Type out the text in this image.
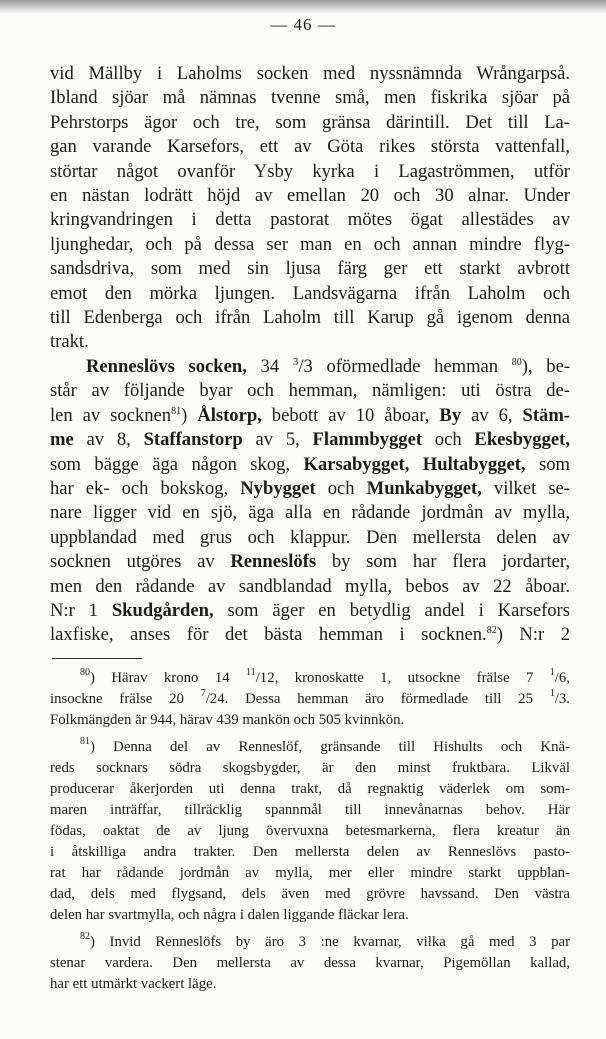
— 46 —

vid Mällby i Laholms socken med nyssnämnda Wrångarpså.
Ibland sjöar må nämnas tvenne små, men fiskrika sjöar på
Pehrstorps ägor och tre, som gränsa därintill. Det till La-
gan varande Karsefors, ett av Göta rikes största vattenfall,
störtar något ovanför Ysby kyrka i Lagaströmmen, utför
en nästan lodrätt höjd av emellan 20 och 30 alnar. Under
kringvandringen i detta pastorat mötes ögat allestädes av
ljunghedar, och på dessa ser man en och annan mindre flyg-
sandsdriva, som med sin ljusa färg ger ett starkt avbrott
emot den mörka ljungen. Landsvägarna ifrån Laholm och
till Edenberga och ifrån Laholm till Karup gå igenom denna
trakt.

Renneslövs socken, 34 $^3$/3 oförmedlade hemman $^{80}$), be-
står av följande byar och hemman, nämligen: uti östra de-
len av socknen$^{81}$) Ålstorp, bebott av 10 åboar, By av 6, Stäm-
me av 8, Staffanstorp av 5, Flammbygget och Ekesbygget,
som bägge äga någon skog, Karsabygget, Hultabygget, som
har ek- och bokskog, Nybygget och Munkabygget, vilket se-
nare ligger vid en sjö, äga alla en rådande jordmån av mylla,
uppblandad med grus och klappur. Den mellersta delen av
socknen utgöres av Renneslöfs by som har flera jordarter,
men den rådande av sandblandad mylla, bebos av 22 åboar.
N:r 1 Skudgården, som äger en betydlig andel i Karsefors
laxfiske, anses för det bästa hemman i socknen.$^{82}$) N:r 2

$^{80}$) Härav krono 14 $^{11}$/12, kronoskatte 1, utsockne frälse 7 $^1$/6,
insockne frälse 20 $^7$/24. Dessa hemman äro förmedlade till 25 $^1$/3.
Folkmängden är 944, härav 439 mankön och 505 kvinnkön.
$^{81}$) Denna del av Renneslöf, gränsande till Hishults och Knä-
reds socknars södra skogsbygder, är den minst fruktbara. Likväl
producerar åkerjorden uti denna trakt, då regnaktig väderlek om som-
maren inträffar, tillräcklig spannmål till innevånarnas behov. Här
födas, oaktat de av ljung övervuxna betesmarkerna, flera kreatur än
i åtskilliga andra trakter. Den mellersta delen av Renneslövs pasto-
rat har rådande jordmån av mylla, mer eller mindre starkt uppblan-
dad, dels med flygsand, dels även med grövre havssand. Den västra
delen har svartmylla, och några i dalen liggande fläckar lera.
$^{82}$) Invid Renneslöfs by äro 3 :ne kvarnar, vilka gå med 3 par
stenar vardera. Den mellersta av dessa kvarnar, Pigemöllan kallad,
har ett utmärkt vackert läge.
